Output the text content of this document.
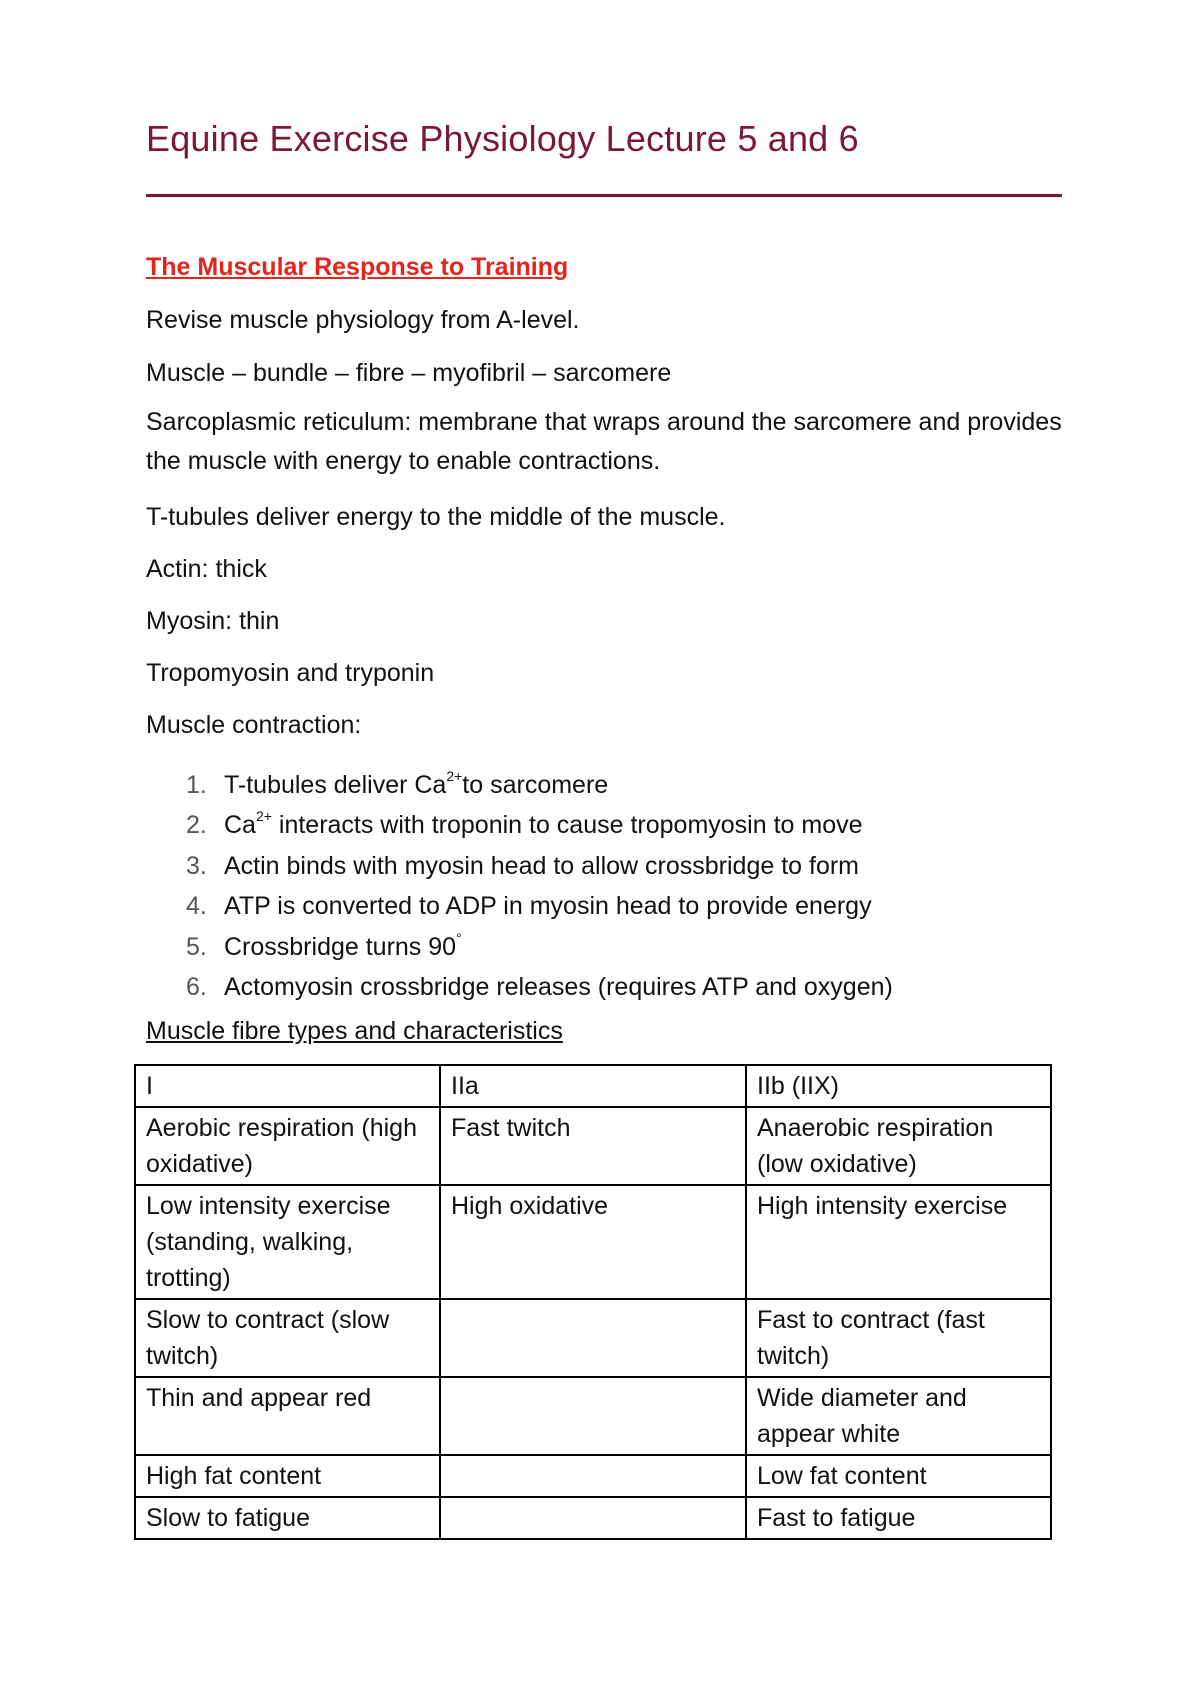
Equine Exercise Physiology Lecture 5 and 6
The Muscular Response to Training

Revise muscle physiology from A-level.

Muscle – bundle – fibre – myofibril – sarcomere

Sarcoplasmic reticulum: membrane that wraps around the sarcomere and provides the muscle with energy to enable contractions.

T-tubules deliver energy to the middle of the muscle.

Actin: thick

Myosin: thin

Tropomyosin and tryponin

Muscle contraction:

1. T-tubules deliver $Ca^{2+}to$ sarcomere
2. $Ca^{2+}$ interacts with troponin to cause tropomyosin to move
3. Actin binds with myosin head to allow crossbridge to form
4. ATP is converted to ADP in myosin head to provide energy
5. Crossbridge turns 90°
6. Actomyosin crossbridge releases (requires ATP and oxygen)

Muscle fibre types and characteristics

I	IIa	IIb (IIX)
Aerobic respiration (high oxidative)	Fast twitch	Anaerobic respiration (low oxidative)
Low intensity exercise (standing, walking, trotting)	High oxidative	High intensity exercise
Slow to contract (slow twitch)		Fast to contract (fast twitch)
Thin and appear red		Wide diameter and appear white
High fat content		Low fat content
Slow to fatigue		Fast to fatigue
